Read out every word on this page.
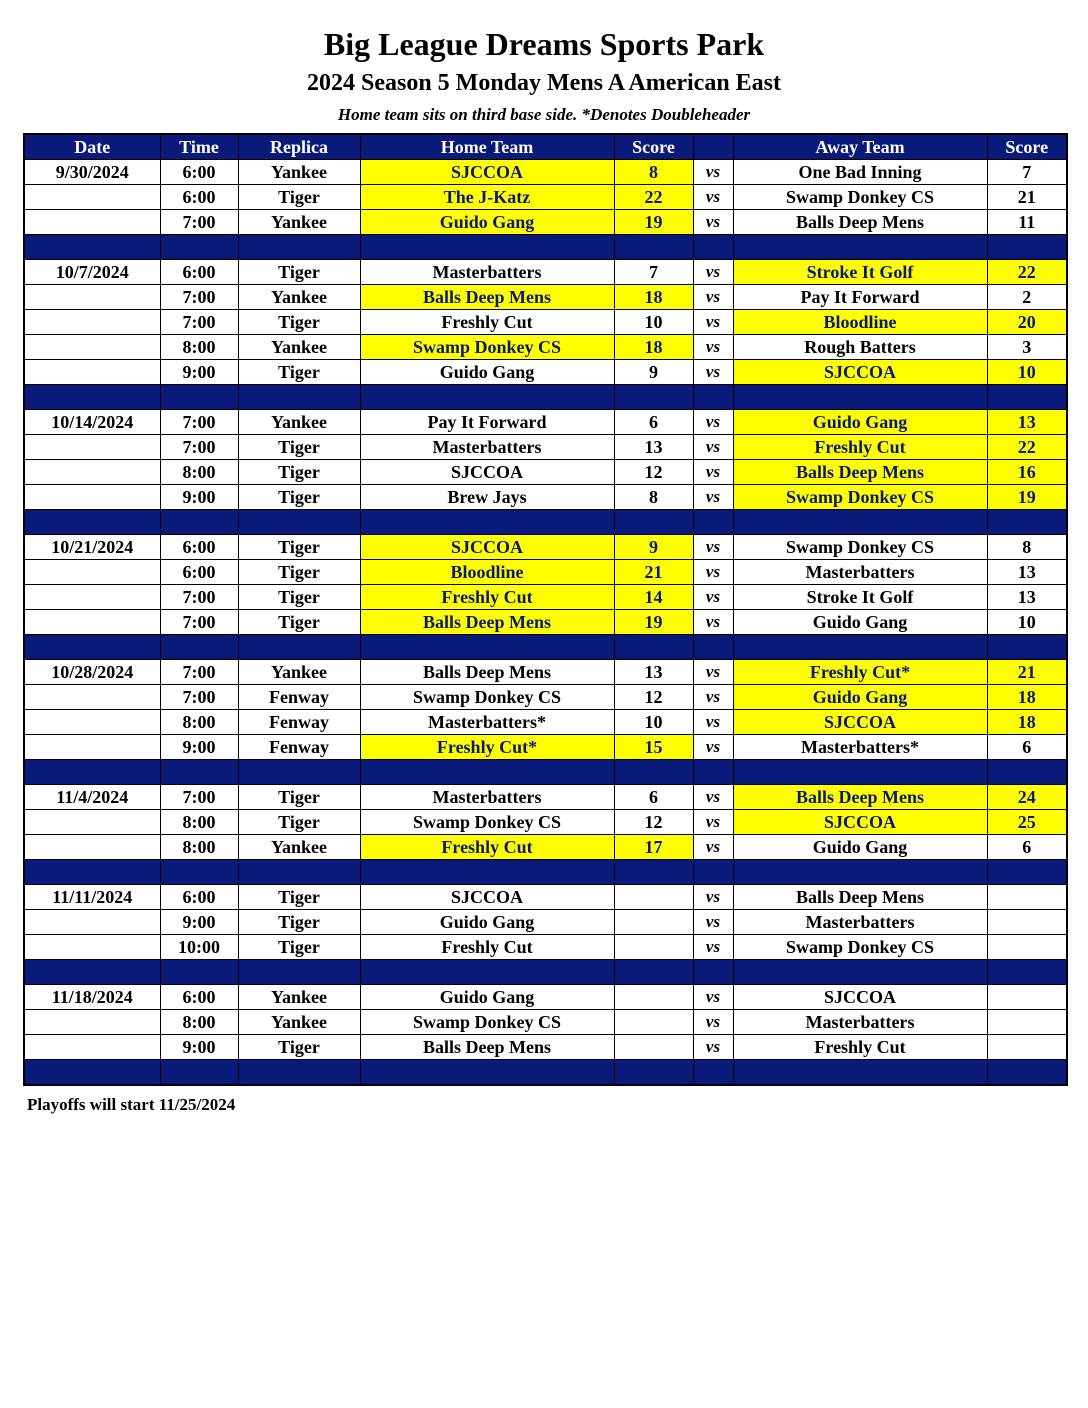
Big League Dreams Sports Park
2024 Season 5 Monday Mens A American East
Home team sits on third base side. *Denotes Doubleheader
Date	Time	Replica	Home Team	Score		Away Team	Score
9/30/2024	6:00	Yankee	SJCCOA	8	vs	One Bad Inning	7
	6:00	Tiger	The J-Katz	22	vs	Swamp Donkey CS	21
	7:00	Yankee	Guido Gang	19	vs	Balls Deep Mens	11

10/7/2024	6:00	Tiger	Masterbatters	7	vs	Stroke It Golf	22
	7:00	Yankee	Balls Deep Mens	18	vs	Pay It Forward	2
	7:00	Tiger	Freshly Cut	10	vs	Bloodline	20
	8:00	Yankee	Swamp Donkey CS	18	vs	Rough Batters	3
	9:00	Tiger	Guido Gang	9	vs	SJCCOA	10

10/14/2024	7:00	Yankee	Pay It Forward	6	vs	Guido Gang	13
	7:00	Tiger	Masterbatters	13	vs	Freshly Cut	22
	8:00	Tiger	SJCCOA	12	vs	Balls Deep Mens	16
	9:00	Tiger	Brew Jays	8	vs	Swamp Donkey CS	19

10/21/2024	6:00	Tiger	SJCCOA	9	vs	Swamp Donkey CS	8
	6:00	Tiger	Bloodline	21	vs	Masterbatters	13
	7:00	Tiger	Freshly Cut	14	vs	Stroke It Golf	13
	7:00	Tiger	Balls Deep Mens	19	vs	Guido Gang	10

10/28/2024	7:00	Yankee	Balls Deep Mens	13	vs	Freshly Cut*	21
	7:00	Fenway	Swamp Donkey CS	12	vs	Guido Gang	18
	8:00	Fenway	Masterbatters*	10	vs	SJCCOA	18
	9:00	Fenway	Freshly Cut*	15	vs	Masterbatters*	6

11/4/2024	7:00	Tiger	Masterbatters	6	vs	Balls Deep Mens	24
	8:00	Tiger	Swamp Donkey CS	12	vs	SJCCOA	25
	8:00	Yankee	Freshly Cut	17	vs	Guido Gang	6

11/11/2024	6:00	Tiger	SJCCOA		vs	Balls Deep Mens	
	9:00	Tiger	Guido Gang		vs	Masterbatters	
	10:00	Tiger	Freshly Cut		vs	Swamp Donkey CS	

11/18/2024	6:00	Yankee	Guido Gang		vs	SJCCOA	
	8:00	Yankee	Swamp Donkey CS		vs	Masterbatters	
	9:00	Tiger	Balls Deep Mens		vs	Freshly Cut	

Playoffs will start 11/25/2024
